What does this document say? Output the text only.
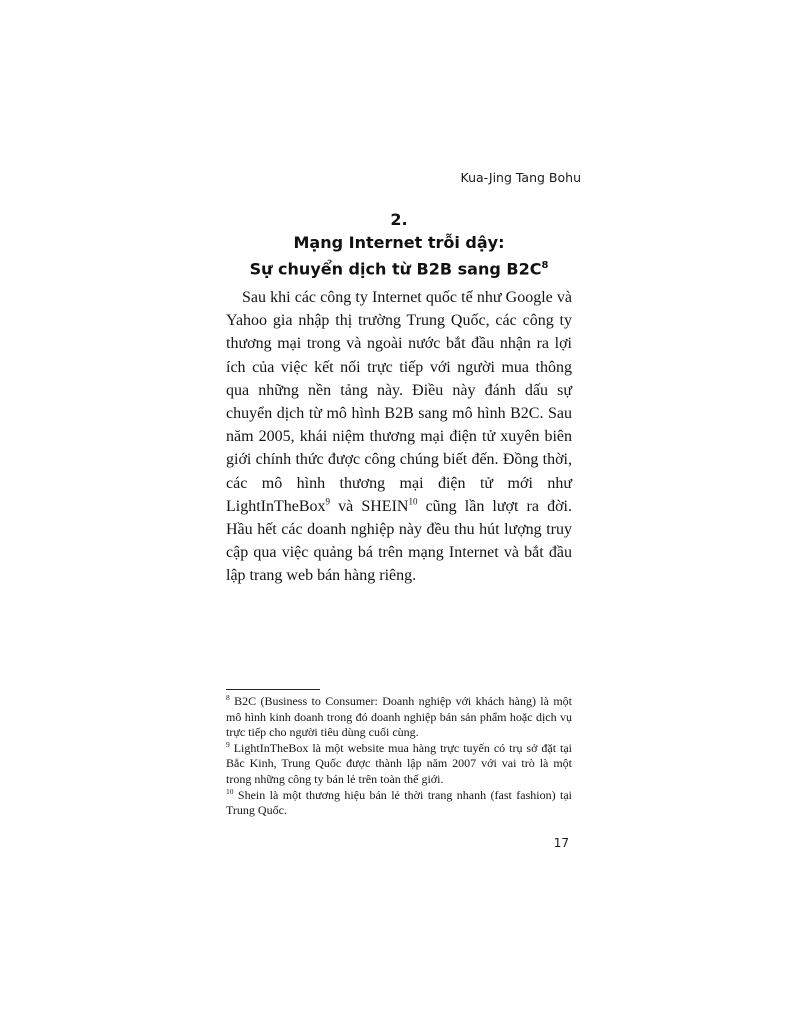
Kua-Jing Tang Bohu
2.
Mạng Internet trỗi dậy:
Sự chuyển dịch từ B2B sang $B2C^8$

Sau khi các công ty Internet quốc tế như Google và Yahoo gia nhập thị trường Trung Quốc, các công ty thương mại trong và ngoài nước bắt đầu nhận ra lợi ích của việc kết nối trực tiếp với người mua thông qua những nền tảng này. Điều này đánh dấu sự chuyển dịch từ mô hình B2B sang mô hình B2C. Sau năm 2005, khái niệm thương mại điện tử xuyên biên giới chính thức được công chúng biết đến. Đồng thời, các mô hình thương mại điện tử mới như LightInTheBox$^9$ và SHEIN$^{10}$ cũng lần lượt ra đời. Hầu hết các doanh nghiệp này đều thu hút lượng truy cập qua việc quảng bá trên mạng Internet và bắt đầu lập trang web bán hàng riêng.

$^8$ B2C (Business to Consumer: Doanh nghiệp với khách hàng) là một mô hình kinh doanh trong đó doanh nghiệp bán sản phẩm hoặc dịch vụ trực tiếp cho người tiêu dùng cuối cùng.

$^9$ LightInTheBox là một website mua hàng trực tuyến có trụ sở đặt tại Bắc Kinh, Trung Quốc được thành lập năm 2007 với vai trò là một trong những công ty bán lẻ trên toàn thế giới.

$^{10}$ Shein là một thương hiệu bán lẻ thời trang nhanh (fast fashion) tại Trung Quốc.

17
